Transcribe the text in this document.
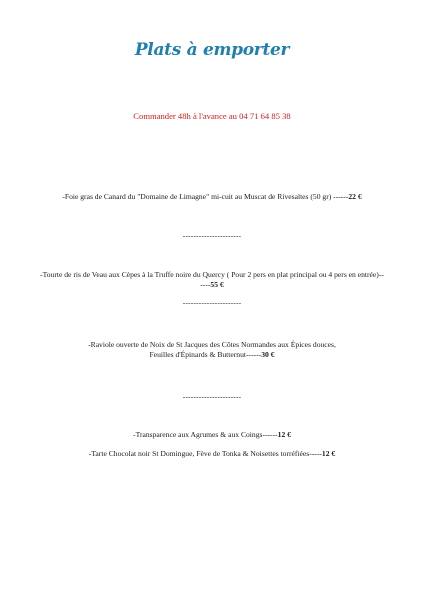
Plats à emporter
Commander 48h à l'avance au 04 71 64 85 38
-Foie gras de Canard du "Domaine de Limagne" mi-cuit au Muscat de Rivesaltes (50 gr) ------22 €
----------------------
-Tourte de ris de Veau aux Cèpes à la Truffe noire du Quercy ( Pour 2 pers en plat principal ou 4 pers en entrée)------55 €
----------------------
-Raviole ouverte de Noix de St Jacques des Côtes Normandes aux Épices douces,
Feuilles d'Épinards & Butternut------30 €
----------------------
-Transparence aux Agrumes & aux Coings------12 €
-Tarte Chocolat noir St Domingue, Fève de Tonka & Noisettes torréfiées-----12 €
